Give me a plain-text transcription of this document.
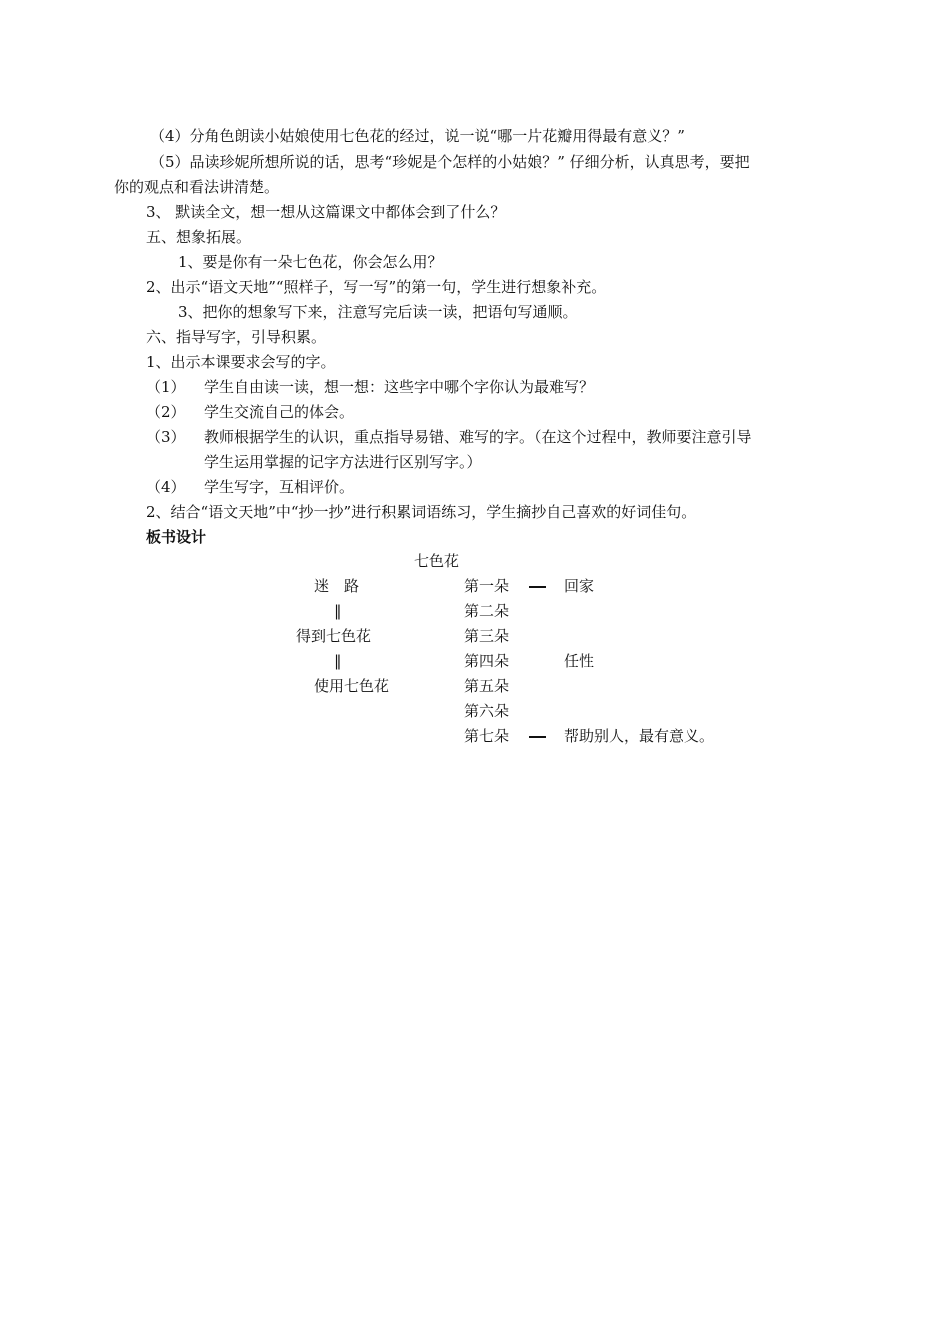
（4）分角色朗读小姑娘使用七色花的经过，说一说“哪一片花瓣用得最有意义？”
（5）品读珍妮所想所说的话，思考“珍妮是个怎样的小姑娘？” 仔细分析，认真思考，要把
你的观点和看法讲清楚。
3、 默读全文，想一想从这篇课文中都体会到了什么？
五、想象拓展。
1、要是你有一朵七色花，你会怎么用？
2、出示“语文天地”“照样子，写一写”的第一句，学生进行想象补充。
3、把你的想象写下来，注意写完后读一读，把语句写通顺。
六、指导写字，引导积累。
1、出示本课要求会写的字。
（1） 学生自由读一读，想一想：这些字中哪个字你认为最难写？
（2） 学生交流自己的体会。
（3） 教师根据学生的认识，重点指导易错、难写的字。（在这个过程中，教师要注意引导
学生运用掌握的记字方法进行区别写字。）
（4） 学生写字，互相评价。
2、结合“语文天地”中“抄一抄”进行积累词语练习，学生摘抄自己喜欢的好词佳句。
板书设计
七色花
迷　路
‖
得到七色花
‖
使用七色花
第一朵
第二朵
第三朵
第四朵
第五朵
第六朵
第七朵
回家
任性
帮助别人，最有意义。
